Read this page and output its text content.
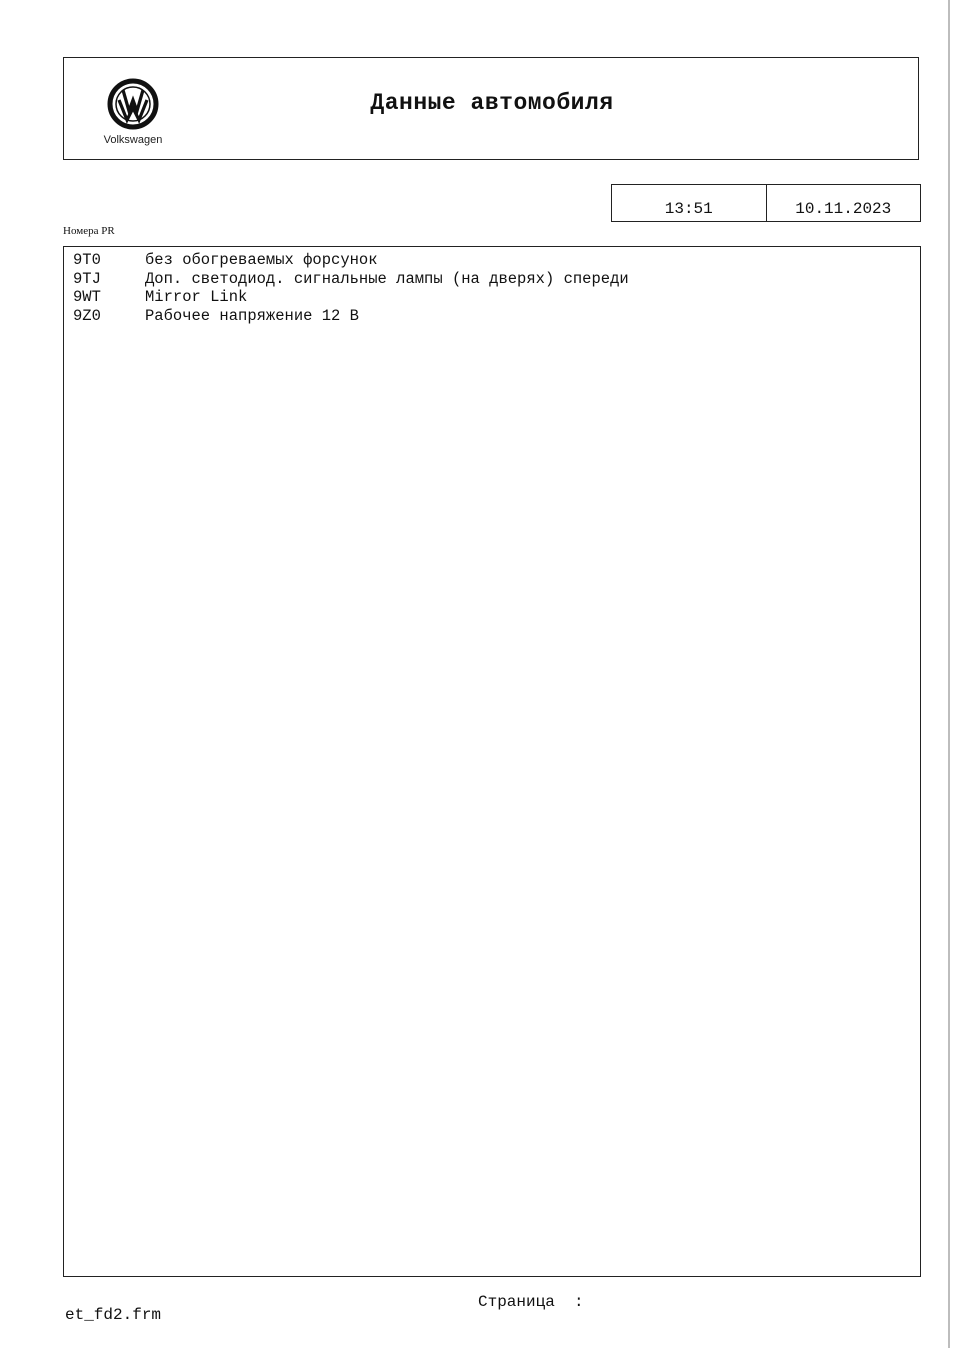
Volkswagen
Данные автомобиля
13:51	10.11.2023
Номера PR
9T0	без обогреваемых форсунок
9TJ	Доп. светодиод. сигнальные лампы (на дверях) спереди
9WT	Mirror Link
9Z0	Рабочее напряжение 12 В
et_fd2.frm
Страница  :
